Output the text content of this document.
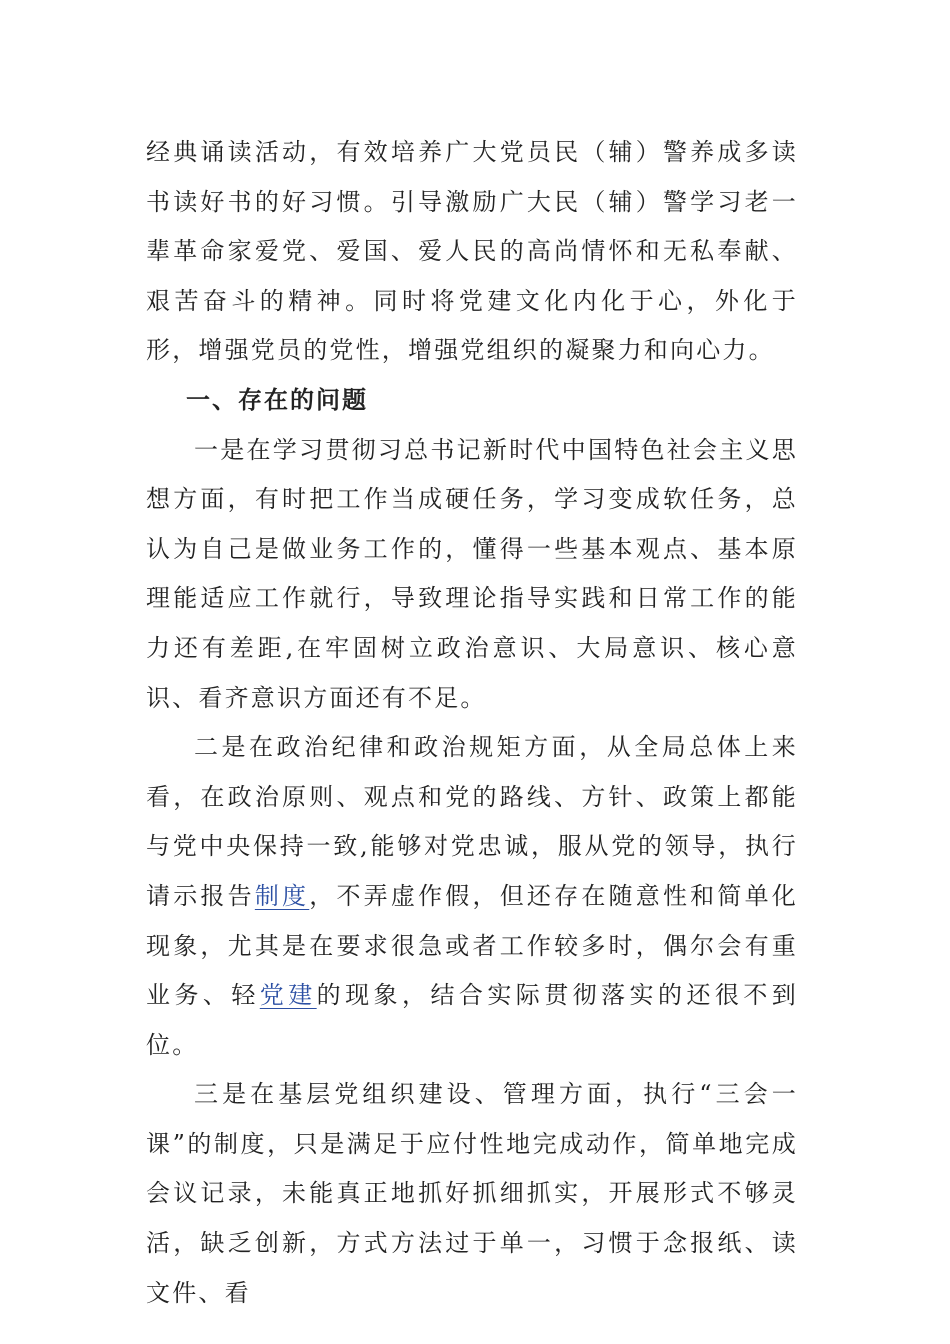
经典诵读活动，有效培养广大党员民（辅）警养成多读书读好书的好习惯。引导激励广大民（辅）警学习老一辈革命家爱党、爱国、爱人民的高尚情怀和无私奉献、艰苦奋斗的精神。同时将党建文化内化于心，外化于形，增强党员的党性，增强党组织的凝聚力和向心力。

一、存在的问题

一是在学习贯彻习总书记新时代中国特色社会主义思想方面，有时把工作当成硬任务，学习变成软任务，总认为自己是做业务工作的，懂得一些基本观点、基本原理能适应工作就行，导致理论指导实践和日常工作的能力还有差距,在牢固树立政治意识、大局意识、核心意识、看齐意识方面还有不足。

二是在政治纪律和政治规矩方面，从全局总体上来看，在政治原则、观点和党的路线、方针、政策上都能与党中央保持一致,能够对党忠诚，服从党的领导，执行请示报告制度，不弄虚作假，但还存在随意性和简单化现象，尤其是在要求很急或者工作较多时，偶尔会有重业务、轻党建的现象，结合实际贯彻落实的还很不到位。

三是在基层党组织建设、管理方面，执行“三会一课”的制度，只是满足于应付性地完成动作，简单地完成会议记录，未能真正地抓好抓细抓实，开展形式不够灵活，缺乏创新，方式方法过于单一，习惯于念报纸、读文件、看
